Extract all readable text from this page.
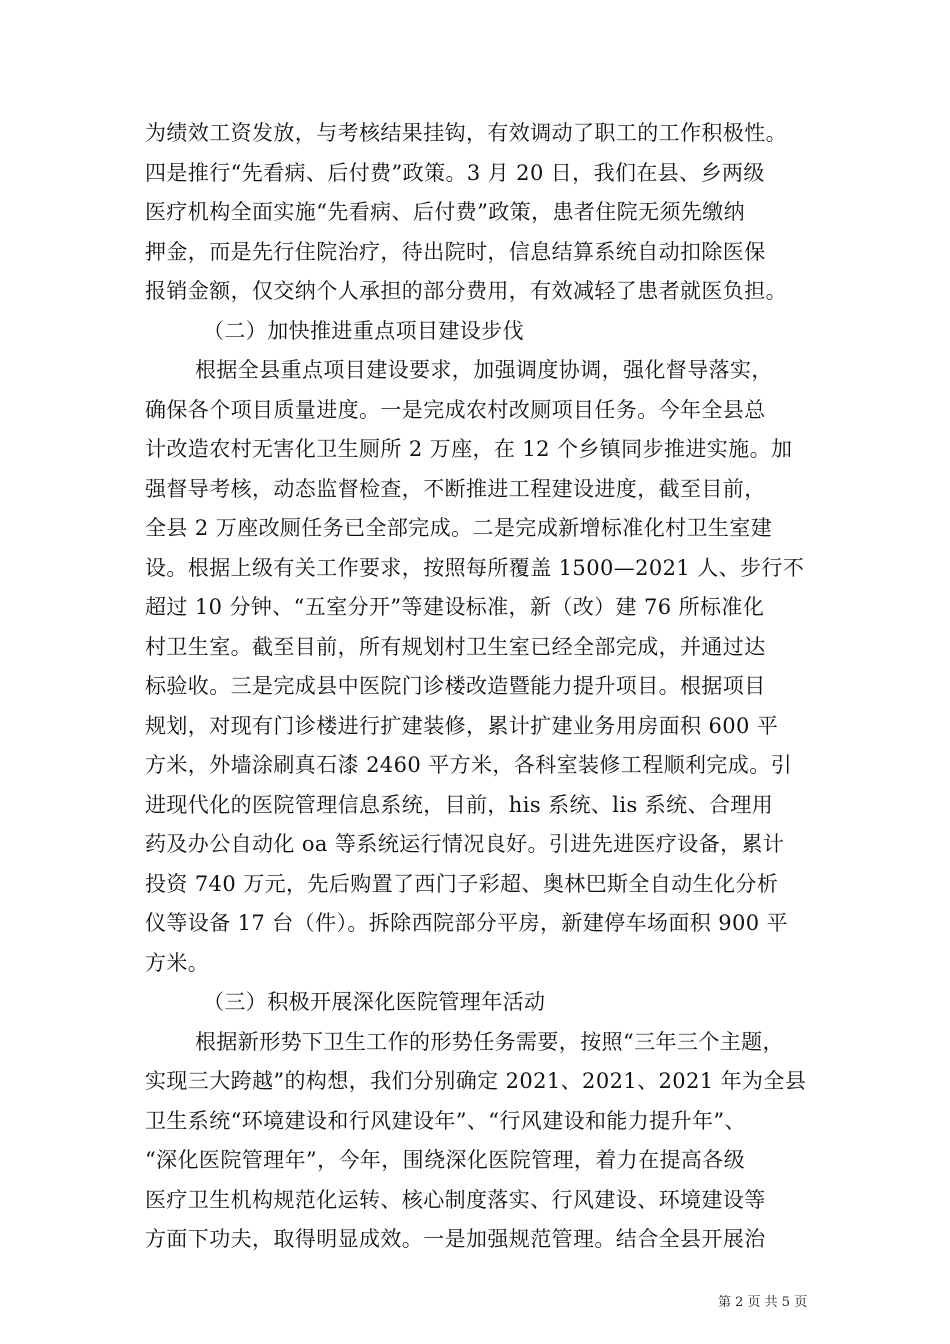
为绩效工资发放，与考核结果挂钩，有效调动了职工的工作积极性。
四是推行“先看病、后付费”政策。3 月 20 日，我们在县、乡两级
医疗机构全面实施“先看病、后付费”政策，患者住院无须先缴纳
押金，而是先行住院治疗，待出院时，信息结算系统自动扣除医保
报销金额，仅交纳个人承担的部分费用，有效减轻了患者就医负担。
（二）加快推进重点项目建设步伐
根据全县重点项目建设要求，加强调度协调，强化督导落实，
确保各个项目质量进度。一是完成农村改厕项目任务。今年全县总
计改造农村无害化卫生厕所 2 万座，在 12 个乡镇同步推进实施。加
强督导考核，动态监督检查，不断推进工程建设进度，截至目前，
全县 2 万座改厕任务已全部完成。二是完成新增标准化村卫生室建
设。根据上级有关工作要求，按照每所覆盖 1500—2021 人、步行不
超过 10 分钟、“五室分开”等建设标准，新（改）建 76 所标准化
村卫生室。截至目前，所有规划村卫生室已经全部完成，并通过达
标验收。三是完成县中医院门诊楼改造暨能力提升项目。根据项目
规划，对现有门诊楼进行扩建装修，累计扩建业务用房面积 600 平
方米，外墙涂刷真石漆 2460 平方米，各科室装修工程顺利完成。引
进现代化的医院管理信息系统，目前，his 系统、lis 系统、合理用
药及办公自动化 oa 等系统运行情况良好。引进先进医疗设备，累计
投资 740 万元，先后购置了西门子彩超、奥林巴斯全自动生化分析
仪等设备 17 台（件）。拆除西院部分平房，新建停车场面积 900 平
方米。
（三）积极开展深化医院管理年活动
根据新形势下卫生工作的形势任务需要，按照“三年三个主题，
实现三大跨越”的构想，我们分别确定 2021、2021、2021 年为全县
卫生系统“环境建设和行风建设年”、“行风建设和能力提升年”、
“深化医院管理年”，今年，围绕深化医院管理，着力在提高各级
医疗卫生机构规范化运转、核心制度落实、行风建设、环境建设等
方面下功夫，取得明显成效。一是加强规范管理。结合全县开展治
第 2 页 共 5 页
